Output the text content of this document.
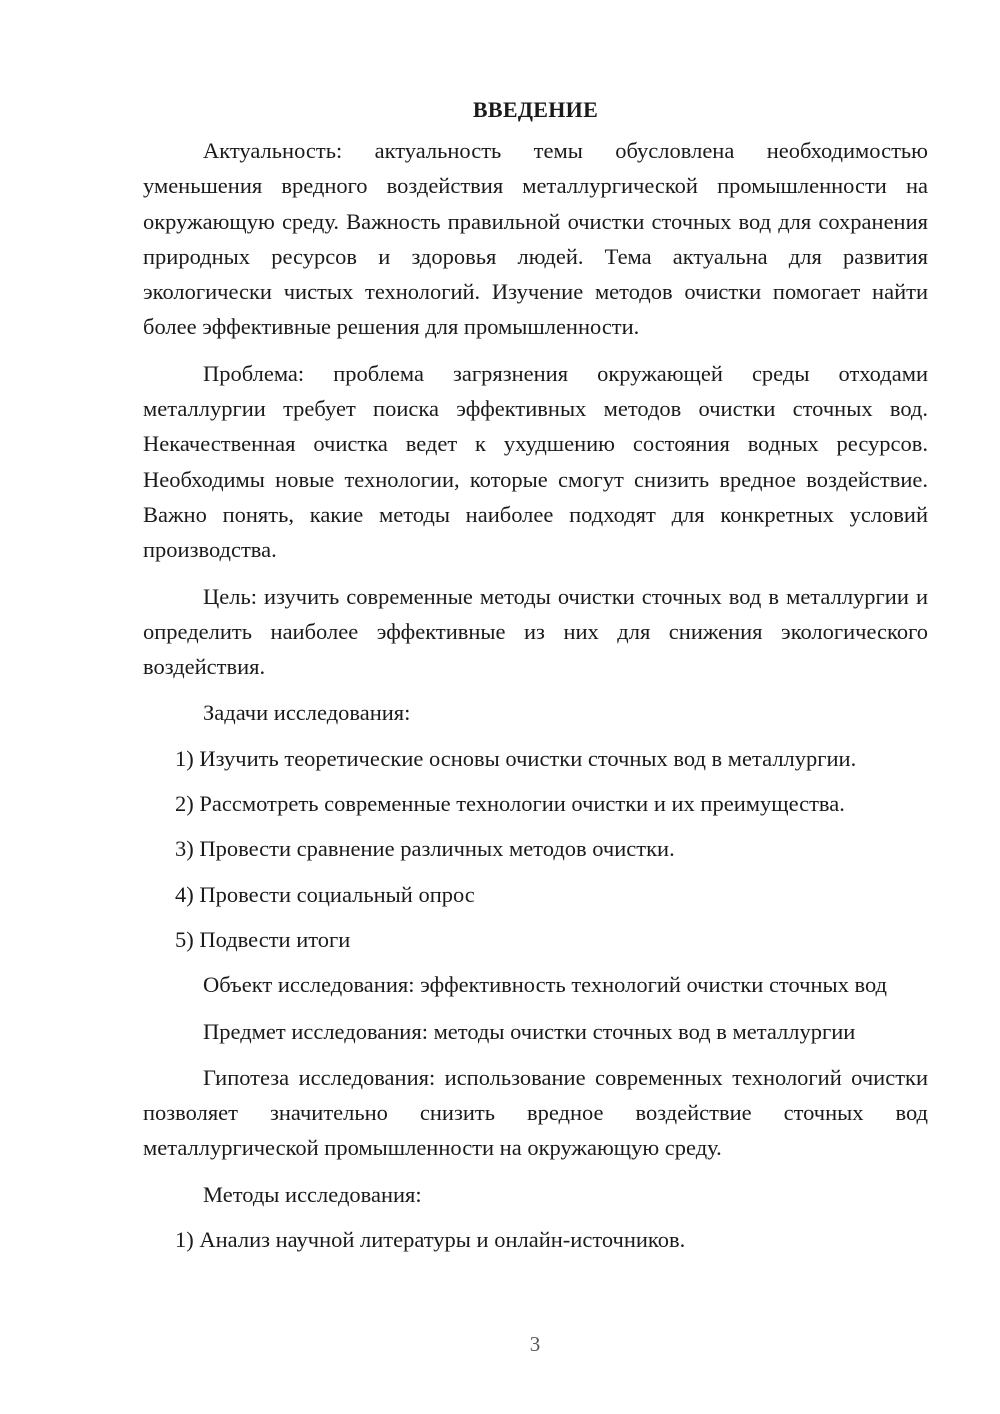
ВВЕДЕНИЕ

Актуальность: актуальность темы обусловлена необходимостью уменьшения вредного воздействия металлургической промышленности на окружающую среду. Важность правильной очистки сточных вод для сохранения природных ресурсов и здоровья людей. Тема актуальна для развития экологически чистых технологий. Изучение методов очистки помогает найти более эффективные решения для промышленности.

Проблема: проблема загрязнения окружающей среды отходами металлургии требует поиска эффективных методов очистки сточных вод. Некачественная очистка ведет к ухудшению состояния водных ресурсов. Необходимы новые технологии, которые смогут снизить вредное воздействие. Важно понять, какие методы наиболее подходят для конкретных условий производства.

Цель: изучить современные методы очистки сточных вод в металлургии и определить наиболее эффективные из них для снижения экологического воздействия.

Задачи исследования:
1) Изучить теоретические основы очистки сточных вод в металлургии.
2) Рассмотреть современные технологии очистки и их преимущества.
3) Провести сравнение различных методов очистки.
4) Провести социальный опрос
5) Подвести итоги

Объект исследования: эффективность технологий очистки сточных вод

Предмет исследования: методы очистки сточных вод в металлургии

Гипотеза исследования: использование современных технологий очистки позволяет значительно снизить вредное воздействие сточных вод металлургической промышленности на окружающую среду.

Методы исследования:
1) Анализ научной литературы и онлайн-источников.
3
